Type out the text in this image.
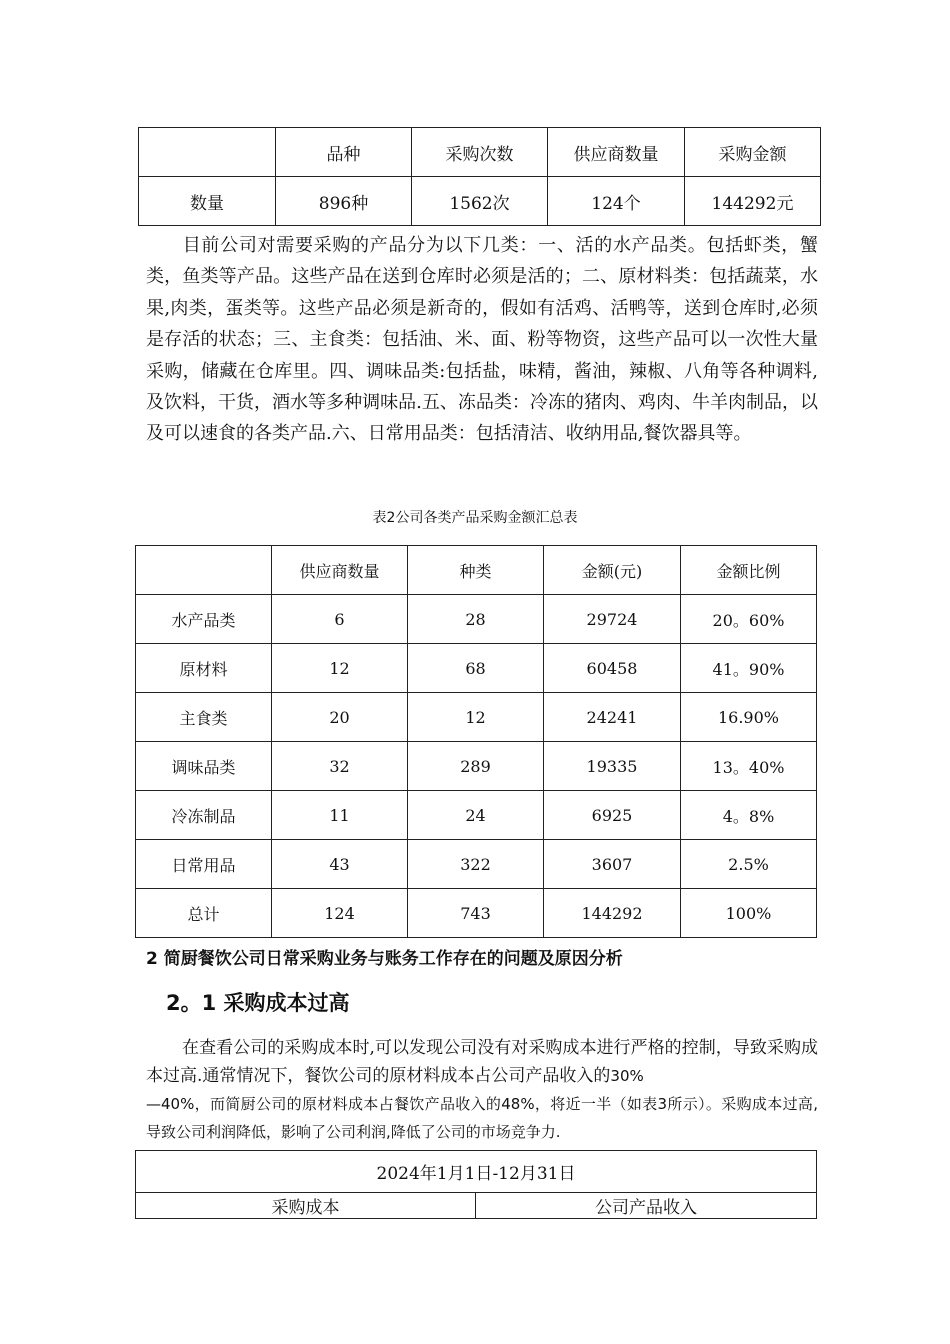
	品种	采购次数	供应商数量	采购金额
数量	896种	1562次	124个	144292元
目前公司对需要采购的产品分为以下几类：一、活的水产品类。包括虾类，蟹类，鱼类等产品。这些产品在送到仓库时必须是活的；二、原材料类：包括蔬菜，水果,肉类，蛋类等。这些产品必须是新奇的，假如有活鸡、活鸭等，送到仓库时,必须是存活的状态；三、主食类：包括油、米、面、粉等物资，这些产品可以一次性大量采购，储藏在仓库里。四、调味品类:包括盐，味精，酱油，辣椒、八角等各种调料,及饮料，干货，酒水等多种调味品.五、冻品类：冷冻的猪肉、鸡肉、牛羊肉制品，以及可以速食的各类产品.六、日常用品类：包括清洁、收纳用品,餐饮器具等。
表2公司各类产品采购金额汇总表
	供应商数量	种类	金额(元)	金额比例
水产品类	6	28	29724	20。60%
原材料	12	68	60458	41。90%
主食类	20	12	24241	16.90%
调味品类	32	289	19335	13。40%
冷冻制品	11	24	6925	4。8%
日常用品	43	322	3607	2.5%
总计	124	743	144292	100%
2 简厨餐饮公司日常采购业务与账务工作存在的问题及原因分析
2。1 采购成本过高
在查看公司的采购成本时,可以发现公司没有对采购成本进行严格的控制，导致采购成本过高.通常情况下，餐饮公司的原材料成本占公司产品收入的30%
—40%，而简厨公司的原材料成本占餐饮产品收入的48%，将近一半（如表3所示）。采购成本过高,导致公司利润降低，影响了公司利润,降低了公司的市场竞争力.
2024年1月1日-12月31日
采购成本	公司产品收入
